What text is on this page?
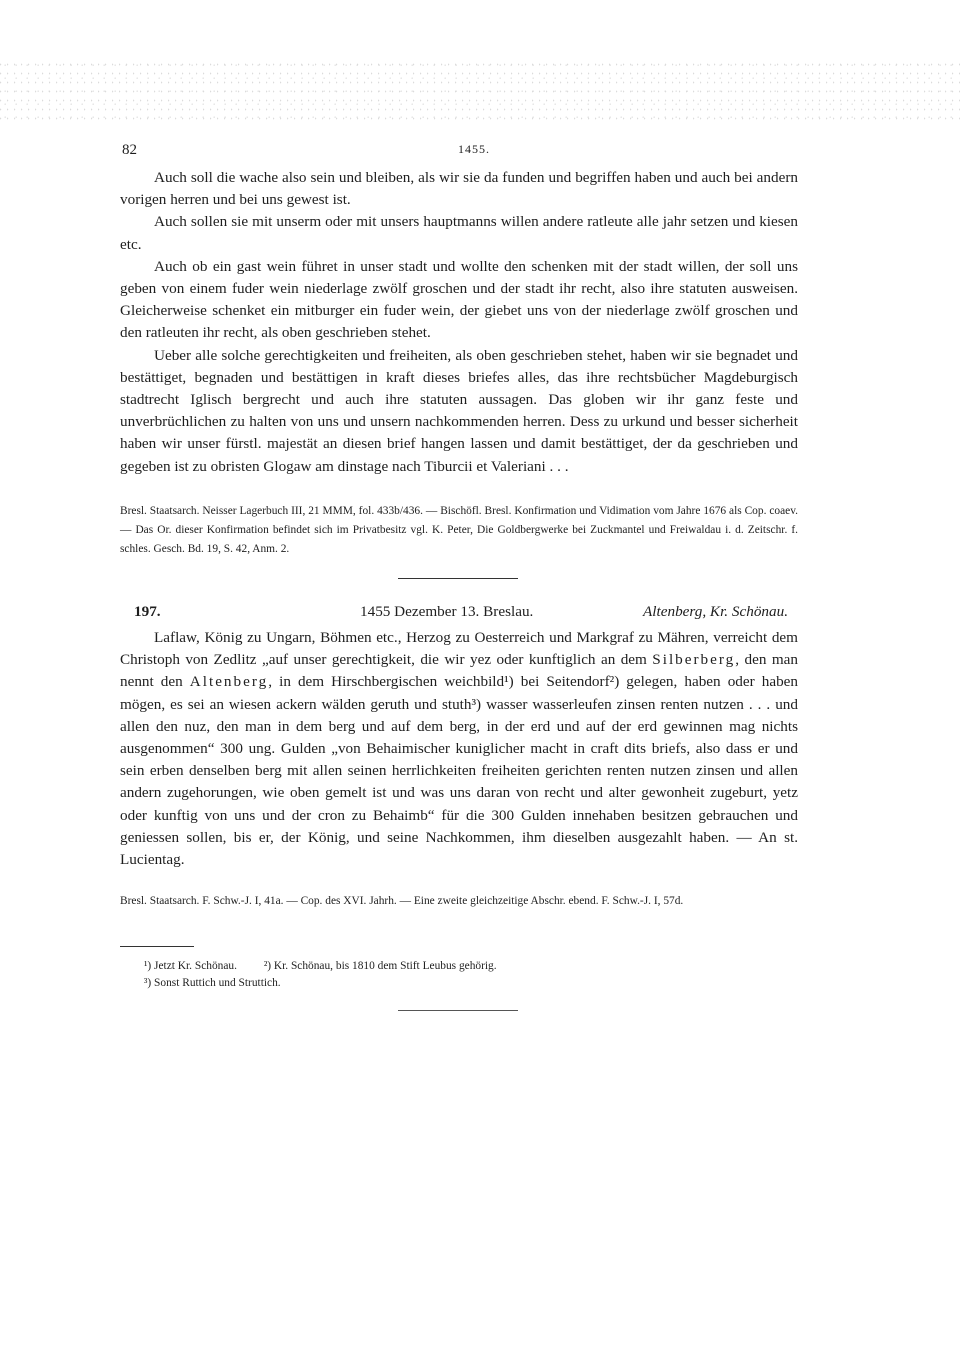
82	1455.

Auch soll die wache also sein und bleiben, als wir sie da funden und begriffen haben und auch bei andern vorigen herren und bei uns gewest ist.

Auch sollen sie mit unserm oder mit unsers hauptmanns willen andere ratleute alle jahr setzen und kiesen etc.

Auch ob ein gast wein führet in unser stadt und wollte den schenken mit der stadt willen, der soll uns geben von einem fuder wein niederlage zwölf groschen und der stadt ihr recht, also ihre statuten ausweisen. Gleicherweise schenket ein mitburger ein fuder wein, der giebet uns von der niederlage zwölf groschen und den ratleuten ihr recht, als oben geschrieben stehet.

Ueber alle solche gerechtigkeiten und freiheiten, als oben geschrieben stehet, haben wir sie begnadet und bestättiget, begnaden und bestättigen in kraft dieses briefes alles, das ihre rechtsbücher Magdeburgisch stadtrecht Iglisch bergrecht und auch ihre statuten aussagen. Das globen wir ihr ganz feste und unverbrüchlichen zu halten von uns und unsern nachkommenden herren. Dess zu urkund und besser sicherheit haben wir unser fürstl. majestät an diesen brief hangen lassen und damit bestättiget, der da geschrieben und gegeben ist zu obristen Glogaw am dinstage nach Tiburcii et Valeriani . . .

Bresl. Staatsarch. Neisser Lagerbuch III, 21 MMM, fol. 433b/436. — Bischöfl. Bresl. Konfirmation und Vidimation vom Jahre 1676 als Cop. coaev. — Das Or. dieser Konfirmation befindet sich im Privatbesitz vgl. K. Peter, Die Goldbergwerke bei Zuckmantel und Freiwaldau i. d. Zeitschr. f. schles. Gesch. Bd. 19, S. 42, Anm. 2.

197.	1455 Dezember 13. Breslau.	Altenberg, Kr. Schönau.

Laflaw, König zu Ungarn, Böhmen etc., Herzog zu Oesterreich und Markgraf zu Mähren, verreicht dem Christoph von Zedlitz „auf unser gerechtigkeit, die wir yez oder kunftiglich an dem Silberberg, den man nennt den Altenberg, in dem Hirschbergischen weichbild¹) bei Seitendorf²) gelegen, haben oder haben mögen, es sei an wiesen ackern wälden geruth und stuth³) wasser wasserleufen zinsen renten nutzen . . . und allen den nuz, den man in dem berg und auf dem berg, in der erd und auf der erd gewinnen mag nichts ausgenommen“ 300 ung. Gulden „von Behaimischer kuniglicher macht in craft dits briefs, also dass er und sein erben denselben berg mit allen seinen herrlichkeiten freiheiten gerichten renten nutzen zinsen und allen andern zugehorungen, wie oben gemelt ist und was uns daran von recht und alter gewonheit zugeburt, yetz oder kunftig von uns und der cron zu Behaimb“ für die 300 Gulden innehaben besitzen gebrauchen und geniessen sollen, bis er, der König, und seine Nachkommen, ihm dieselben ausgezahlt haben. — An st. Lucientag.

Bresl. Staatsarch. F. Schw.-J. I, 41a. — Cop. des XVI. Jahrh. — Eine zweite gleichzeitige Abschr. ebend. F. Schw.-J. I, 57d.

¹) Jetzt Kr. Schönau. ²) Kr. Schönau, bis 1810 dem Stift Leubus gehörig.
³) Sonst Ruttich und Struttich.
